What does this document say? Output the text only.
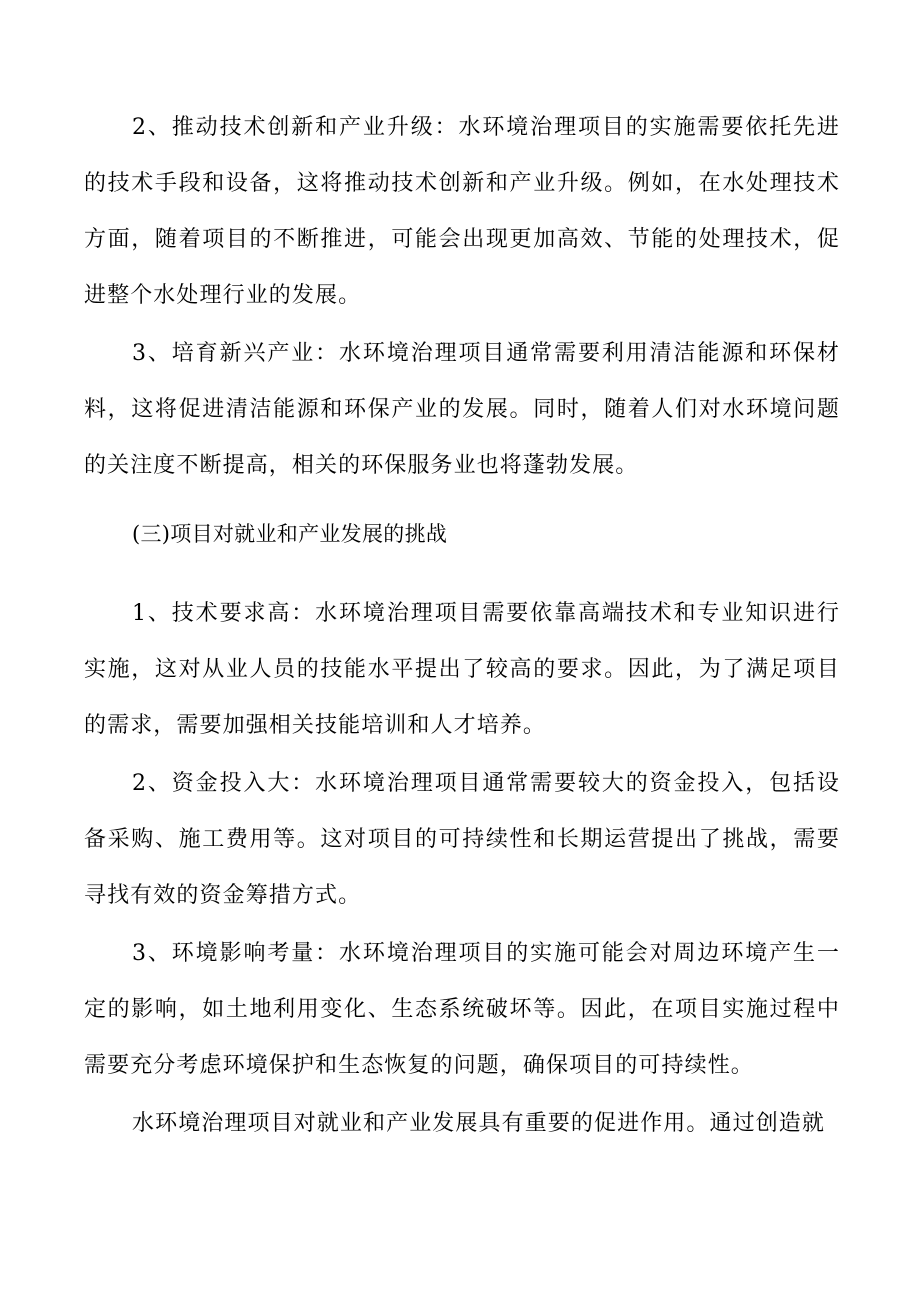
2、推动技术创新和产业升级：水环境治理项目的实施需要依托先进的技术手段和设备，这将推动技术创新和产业升级。例如，在水处理技术方面，随着项目的不断推进，可能会出现更加高效、节能的处理技术，促进整个水处理行业的发展。

3、培育新兴产业：水环境治理项目通常需要利用清洁能源和环保材料，这将促进清洁能源和环保产业的发展。同时，随着人们对水环境问题的关注度不断提高，相关的环保服务业也将蓬勃发展。

(三)项目对就业和产业发展的挑战

1、技术要求高：水环境治理项目需要依靠高端技术和专业知识进行实施，这对从业人员的技能水平提出了较高的要求。因此，为了满足项目的需求，需要加强相关技能培训和人才培养。

2、资金投入大：水环境治理项目通常需要较大的资金投入，包括设备采购、施工费用等。这对项目的可持续性和长期运营提出了挑战，需要寻找有效的资金筹措方式。

3、环境影响考量：水环境治理项目的实施可能会对周边环境产生一定的影响，如土地利用变化、生态系统破坏等。因此，在项目实施过程中需要充分考虑环境保护和生态恢复的问题，确保项目的可持续性。

水环境治理项目对就业和产业发展具有重要的促进作用。通过创造就
